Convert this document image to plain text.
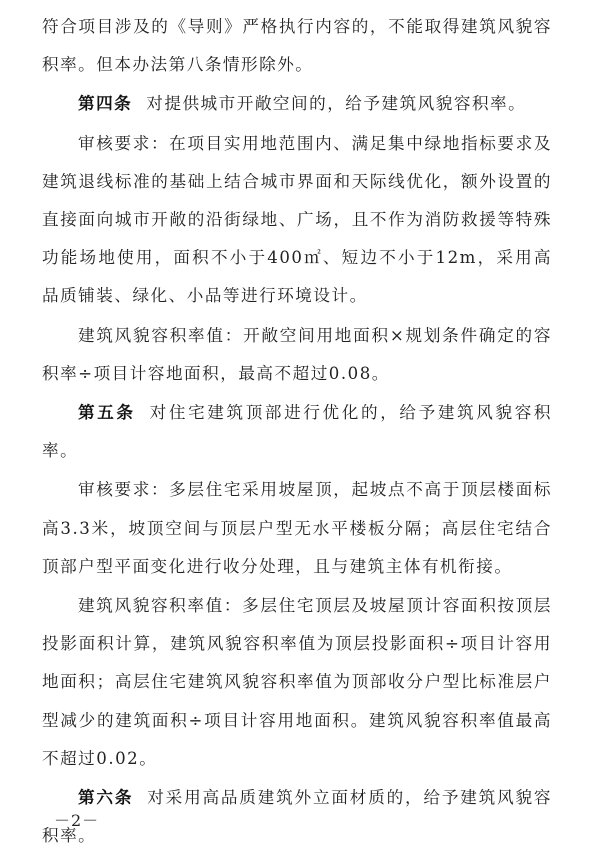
符合项目涉及的《导则》严格执行内容的，不能取得建筑风貌容积率。但本办法第八条情形除外。

第四条 对提供城市开敞空间的，给予建筑风貌容积率。

审核要求：在项目实用地范围内、满足集中绿地指标要求及建筑退线标准的基础上结合城市界面和天际线优化，额外设置的直接面向城市开敞的沿街绿地、广场，且不作为消防救援等特殊功能场地使用，面积不小于400㎡、短边不小于12m，采用高品质铺装、绿化、小品等进行环境设计。

建筑风貌容积率值：开敞空间用地面积×规划条件确定的容积率÷项目计容地面积，最高不超过0.08。

第五条 对住宅建筑顶部进行优化的，给予建筑风貌容积率。

审核要求：多层住宅采用坡屋顶，起坡点不高于顶层楼面标高3.3米，坡顶空间与顶层户型无水平楼板分隔；高层住宅结合顶部户型平面变化进行收分处理，且与建筑主体有机衔接。

建筑风貌容积率值：多层住宅顶层及坡屋顶计容面积按顶层投影面积计算，建筑风貌容积率值为顶层投影面积÷项目计容用地面积；高层住宅建筑风貌容积率值为顶部收分户型比标准层户型减少的建筑面积÷项目计容用地面积。建筑风貌容积率值最高不超过0.02。

第六条 对采用高品质建筑外立面材质的，给予建筑风貌容积率。

－2－
